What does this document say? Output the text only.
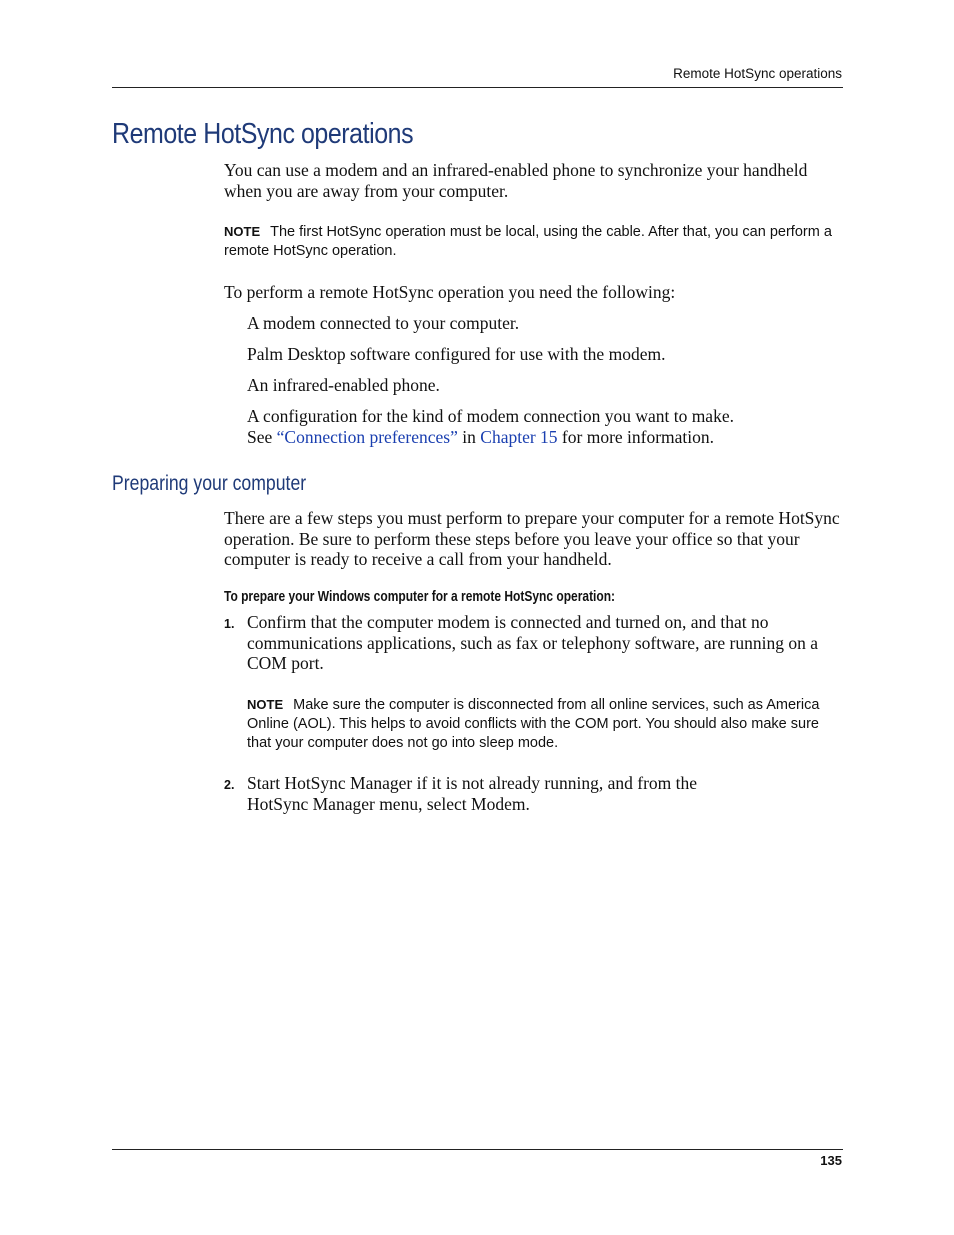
Remote HotSync operations
Remote HotSync operations
You can use a modem and an infrared-enabled phone to synchronize your handheld when you are away from your computer.
NOTE The first HotSync operation must be local, using the cable. After that, you can perform a remote HotSync operation.
To perform a remote HotSync operation you need the following:
A modem connected to your computer.
Palm Desktop software configured for use with the modem.
An infrared-enabled phone.
A configuration for the kind of modem connection you want to make.
See “Connection preferences” in Chapter 15 for more information.
Preparing your computer
There are a few steps you must perform to prepare your computer for a remote HotSync operation. Be sure to perform these steps before you leave your office so that your computer is ready to receive a call from your handheld.
To prepare your Windows computer for a remote HotSync operation:
1. Confirm that the computer modem is connected and turned on, and that no communications applications, such as fax or telephony software, are running on a COM port.
NOTE Make sure the computer is disconnected from all online services, such as America Online (AOL). This helps to avoid conflicts with the COM port. You should also make sure that your computer does not go into sleep mode.
2. Start HotSync Manager if it is not already running, and from the HotSync Manager menu, select Modem.
135
